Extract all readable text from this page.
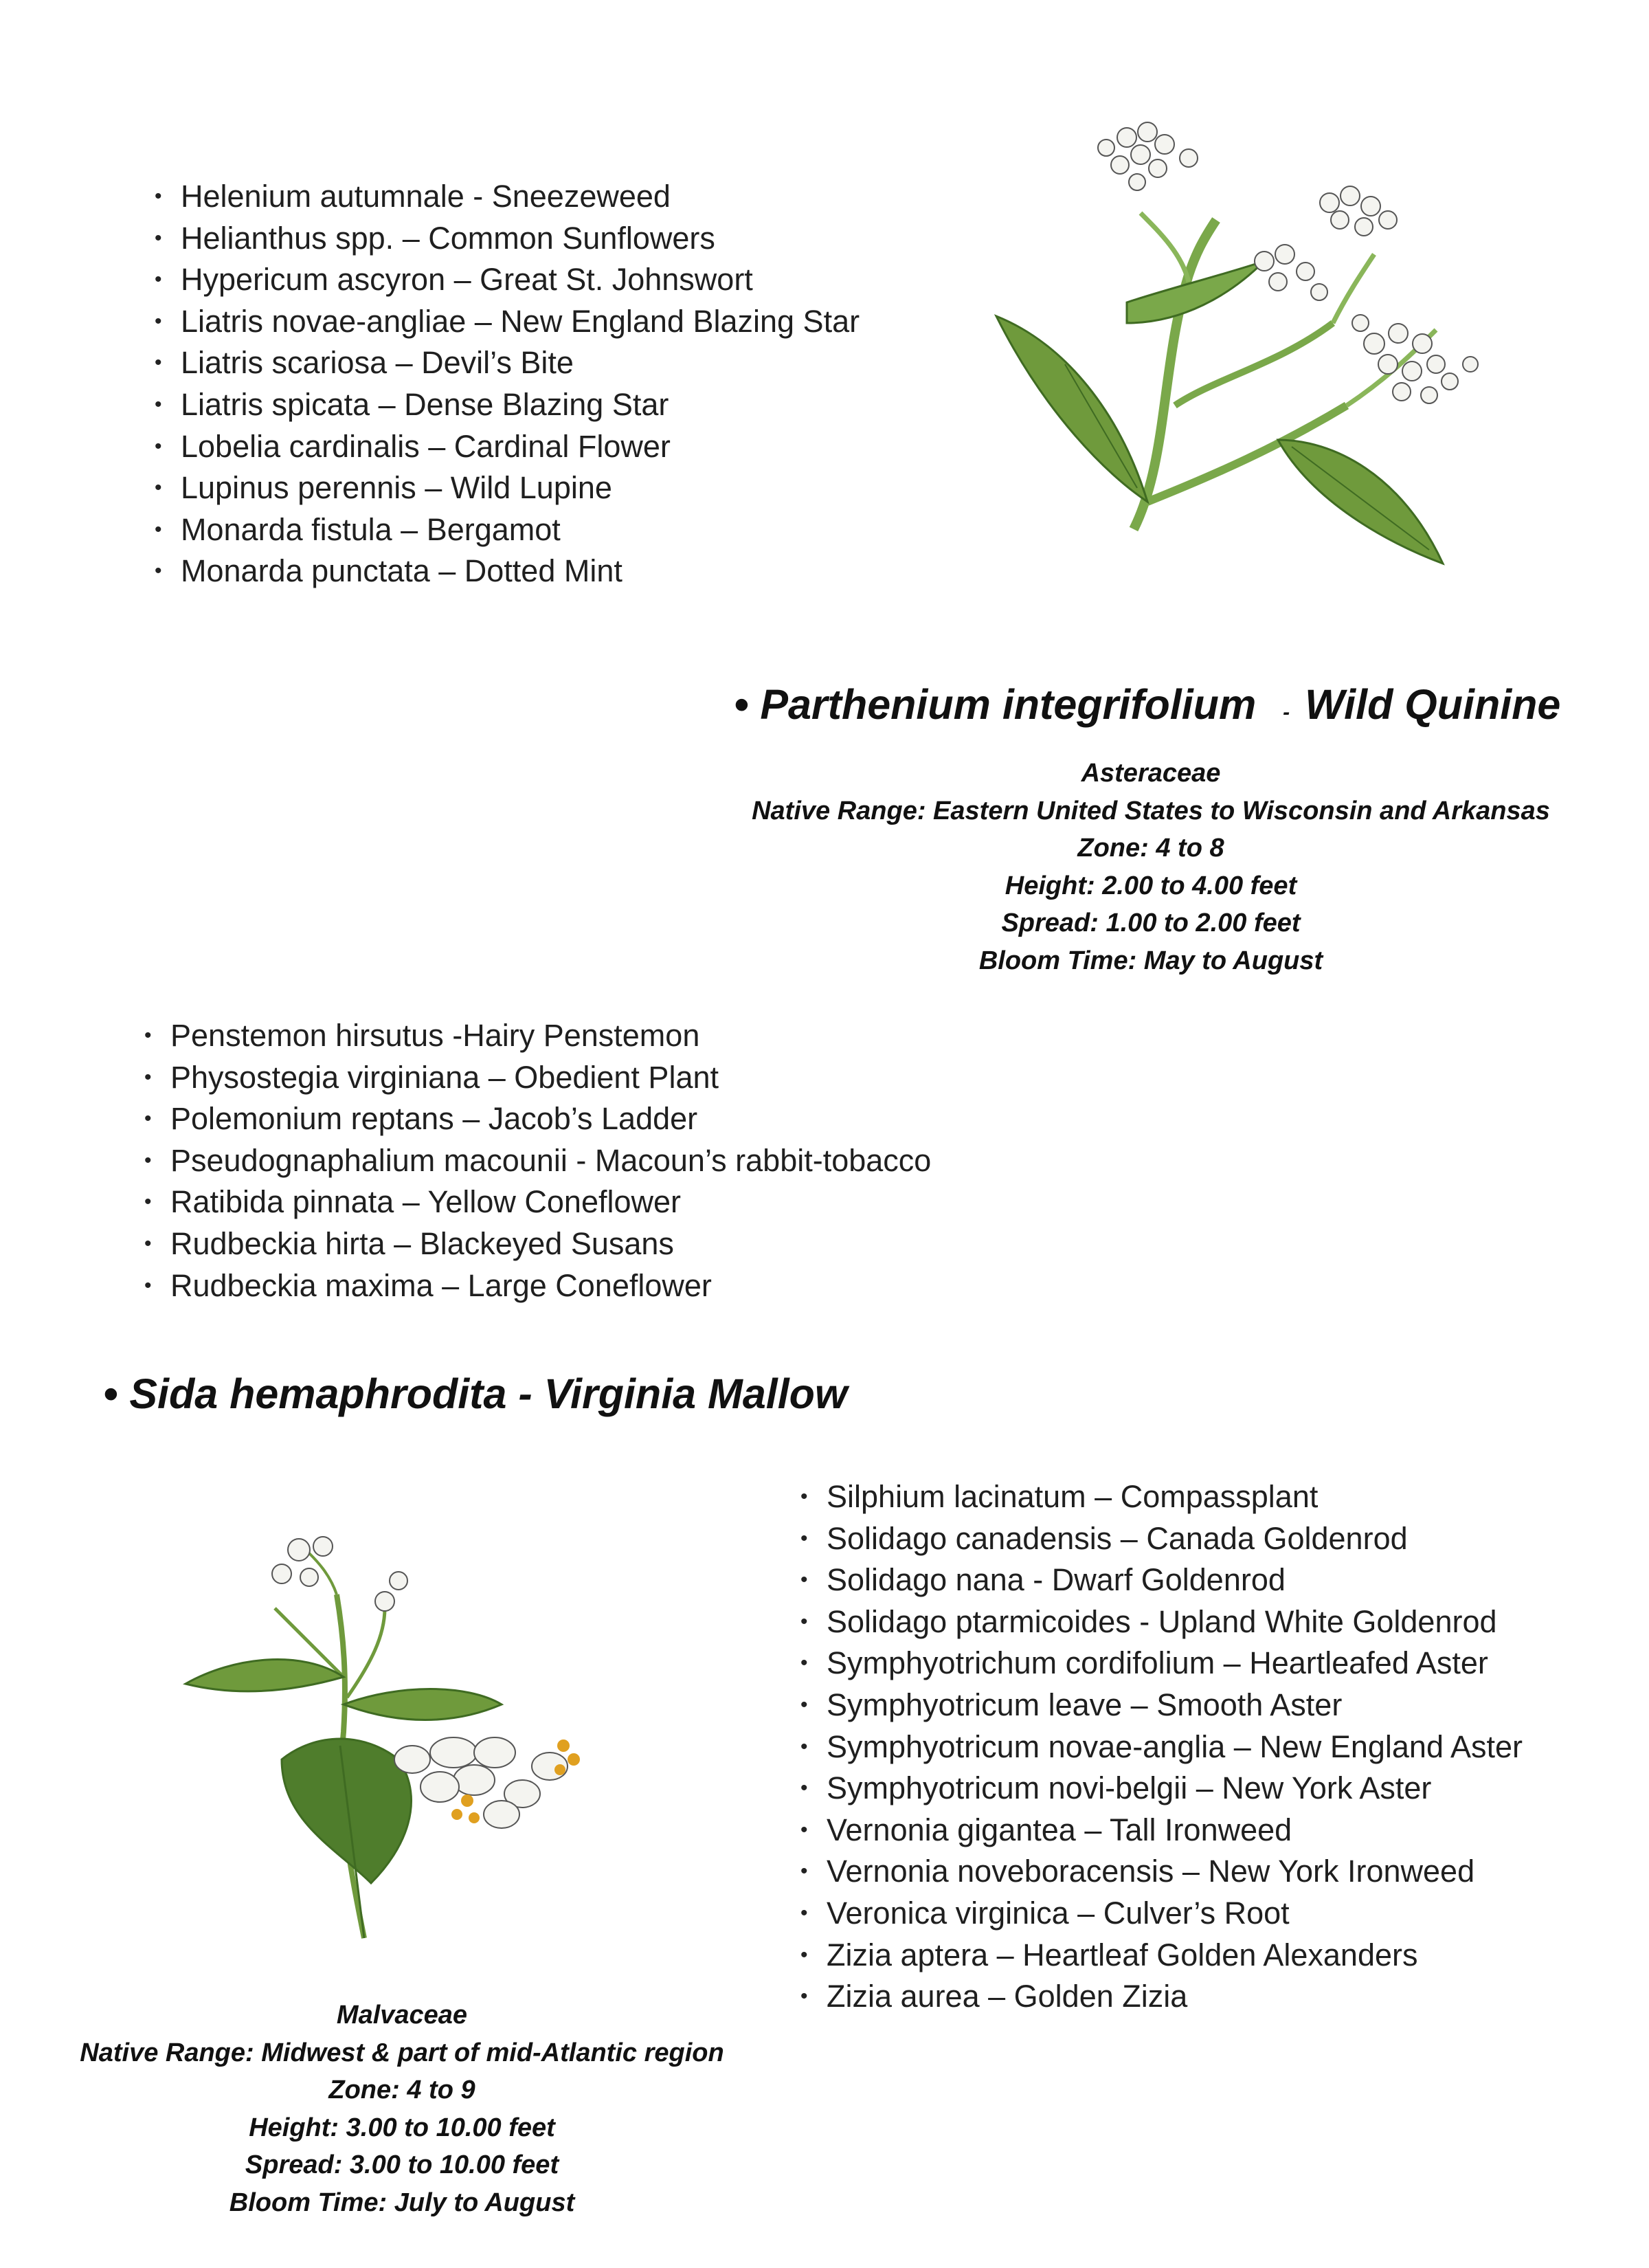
• Helenium autumnale - Sneezeweed
• Helianthus spp. – Common Sunflowers
• Hypericum ascyron – Great St. Johnswort
• Liatris novae-angliae – New England Blazing Star
• Liatris scariosa – Devil’s Bite
• Liatris spicata – Dense Blazing Star
• Lobelia cardinalis – Cardinal Flower
• Lupinus perennis – Wild Lupine
• Monarda fistula – Bergamot
• Monarda punctata – Dotted Mint
• Parthenium integrifolium - Wild Quinine
Asteraceae
Native Range: Eastern United States to Wisconsin and Arkansas
Zone: 4 to 8
Height: 2.00 to 4.00 feet
Spread: 1.00 to 2.00 feet
Bloom Time: May to August
• Penstemon hirsutus -Hairy Penstemon
• Physostegia virginiana – Obedient Plant
• Polemonium reptans – Jacob’s Ladder
• Pseudognaphalium macounii - Macoun’s rabbit-tobacco
• Ratibida pinnata – Yellow Coneflower
• Rudbeckia hirta – Blackeyed Susans
• Rudbeckia maxima – Large Coneflower
• Sida hemaphrodita - Virginia Mallow
Malvaceae
Native Range: Midwest & part of mid-Atlantic region
Zone: 4 to 9
Height: 3.00 to 10.00 feet
Spread: 3.00 to 10.00 feet
Bloom Time: July to August
• Silphium lacinatum – Compassplant
• Solidago canadensis – Canada Goldenrod
• Solidago nana - Dwarf Goldenrod
• Solidago ptarmicoides - Upland White Goldenrod
• Symphyotrichum cordifolium – Heartleafed Aster
• Symphyotricum leave – Smooth Aster
• Symphyotricum novae-anglia – New England Aster
• Symphyotricum novi-belgii – New York Aster
• Vernonia gigantea – Tall Ironweed
• Vernonia noveboracensis – New York Ironweed
• Veronica virginica – Culver’s Root
• Zizia aptera – Heartleaf Golden Alexanders
• Zizia aurea – Golden Zizia
